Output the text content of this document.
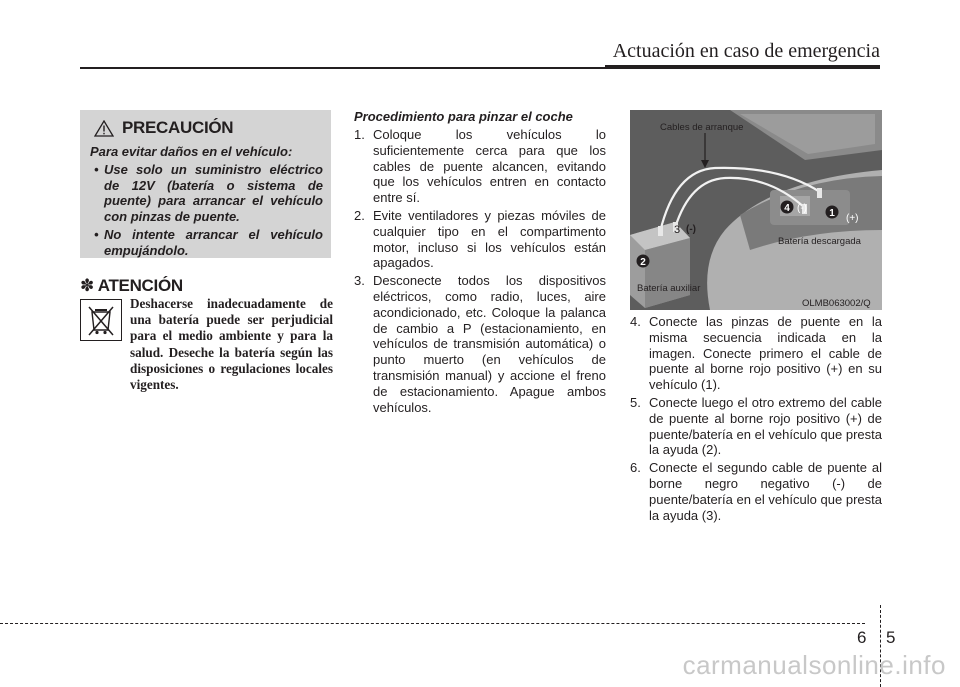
Actuación en caso de emergencia
PRECAUCIÓN
Para evitar daños en el vehículo:
• Use solo un suministro eléctrico de 12V (batería o sistema de puente) para arrancar el vehículo con pinzas de puente.
• No intente arrancar el vehículo empujándolo.
✽ ATENCIÓN
Deshacerse inadecuadamente de una batería puede ser perjudicial para el medio ambiente y para la salud. Deseche la batería según las disposiciones o regulaciones locales vigentes.
Procedimiento para pinzar el coche
1. Coloque los vehículos lo suficientemente cerca para que los cables de puente alcancen, evitando que los vehículos entren en contacto entre sí.
2. Evite ventiladores y piezas móviles de cualquier tipo en el compartimento motor, incluso si los vehículos están apagados.
3. Desconecte todos los dispositivos eléctricos, como radio, luces, aire acondicionado, etc. Coloque la palanca de cambio a P (estacionamiento, en vehículos de transmisión automática) o punto muerto (en vehículos de transmisión manual) y accione el freno de estacionamiento. Apague ambos vehículos.
Cables de arranque
Batería descargada
Batería auxiliar
OLMB063002/Q
1 (+)
4 (-)
2
3 (-)
4. Conecte las pinzas de puente en la misma secuencia indicada en la imagen. Conecte primero el cable de puente al borne rojo positivo (+) en su vehículo (1).
5. Conecte luego el otro extremo del cable de puente al borne rojo positivo (+) de puente/batería en el vehículo que presta la ayuda (2).
6. Conecte el segundo cable de puente al borne negro negativo (-) de puente/batería en el vehículo que presta la ayuda (3).
6 5
carmanualsonline.info
